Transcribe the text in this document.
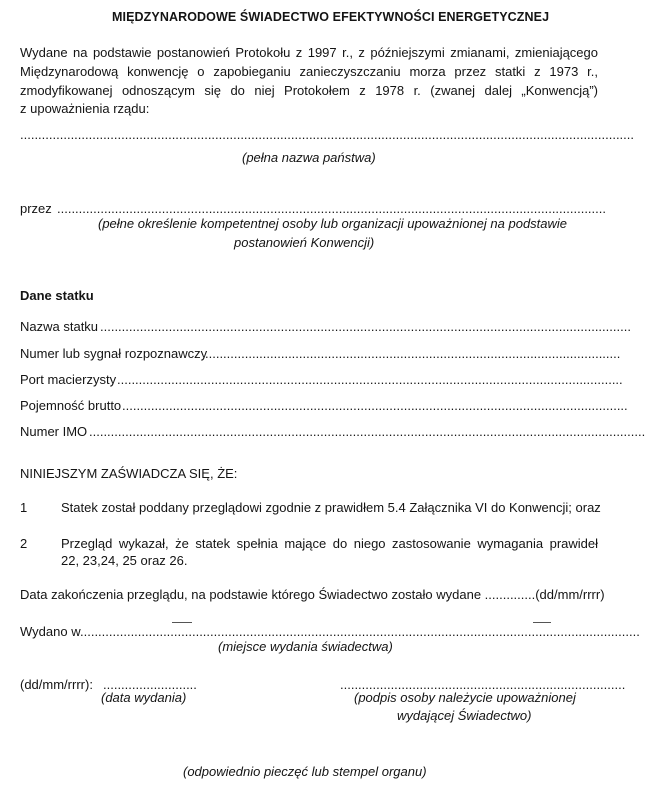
MIĘDZYNARODOWE ŚWIADECTWO EFEKTYWNOŚCI ENERGETYCZNEJ
Wydane na podstawie postanowień Protokołu z 1997 r., z późniejszymi zmianami, zmieniającego
Międzynarodową konwencję o zapobieganiu zanieczyszczaniu morza przez statki z 1973 r.,
zmodyfikowanej odnoszącym się do niej Protokołem z 1978 r. (zwanej dalej „Konwencją”)
z upoważnienia rządu:
..........................................................................................................................................................................
(pełna nazwa państwa)
przez ........................................................................................................................................................
(pełne określenie kompetentnej osoby lub organizacji upoważnionej na podstawie
postanowień Konwencji)
Dane statku
Nazwa statku ...................................................................................................................................................
Numer lub sygnał rozpoznawczy
...................................................................................................................
Port macierzysty ............................................................................................................................................
Pojemność brutto ............................................................................................................................................
Numer IMO ..........................................................................................................................................................
NINIEJSZYM ZAŚWIADCZA SIĘ, ŻE:
1	Statek został poddany przeglądowi zgodnie z prawidłem 5.4 Załącznika VI do Konwencji; oraz
2	Przegląd wykazał, że statek spełnia mające do niego zastosowanie wymagania prawideł
22, 23,24, 25 oraz 26.
Data zakończenia przeglądu, na podstawie którego Świadectwo zostało wydane ..............(dd/mm/rrrr)
Wydano w ...........................................................................................................................................................
(miejsce wydania świadectwa)
(dd/mm/rrrr): ..........................
(data wydania)
...............................................................................
(podpis osoby należycie upoważnionej
wydającej Świadectwo)
(odpowiednio pieczęć lub stempel organu)
